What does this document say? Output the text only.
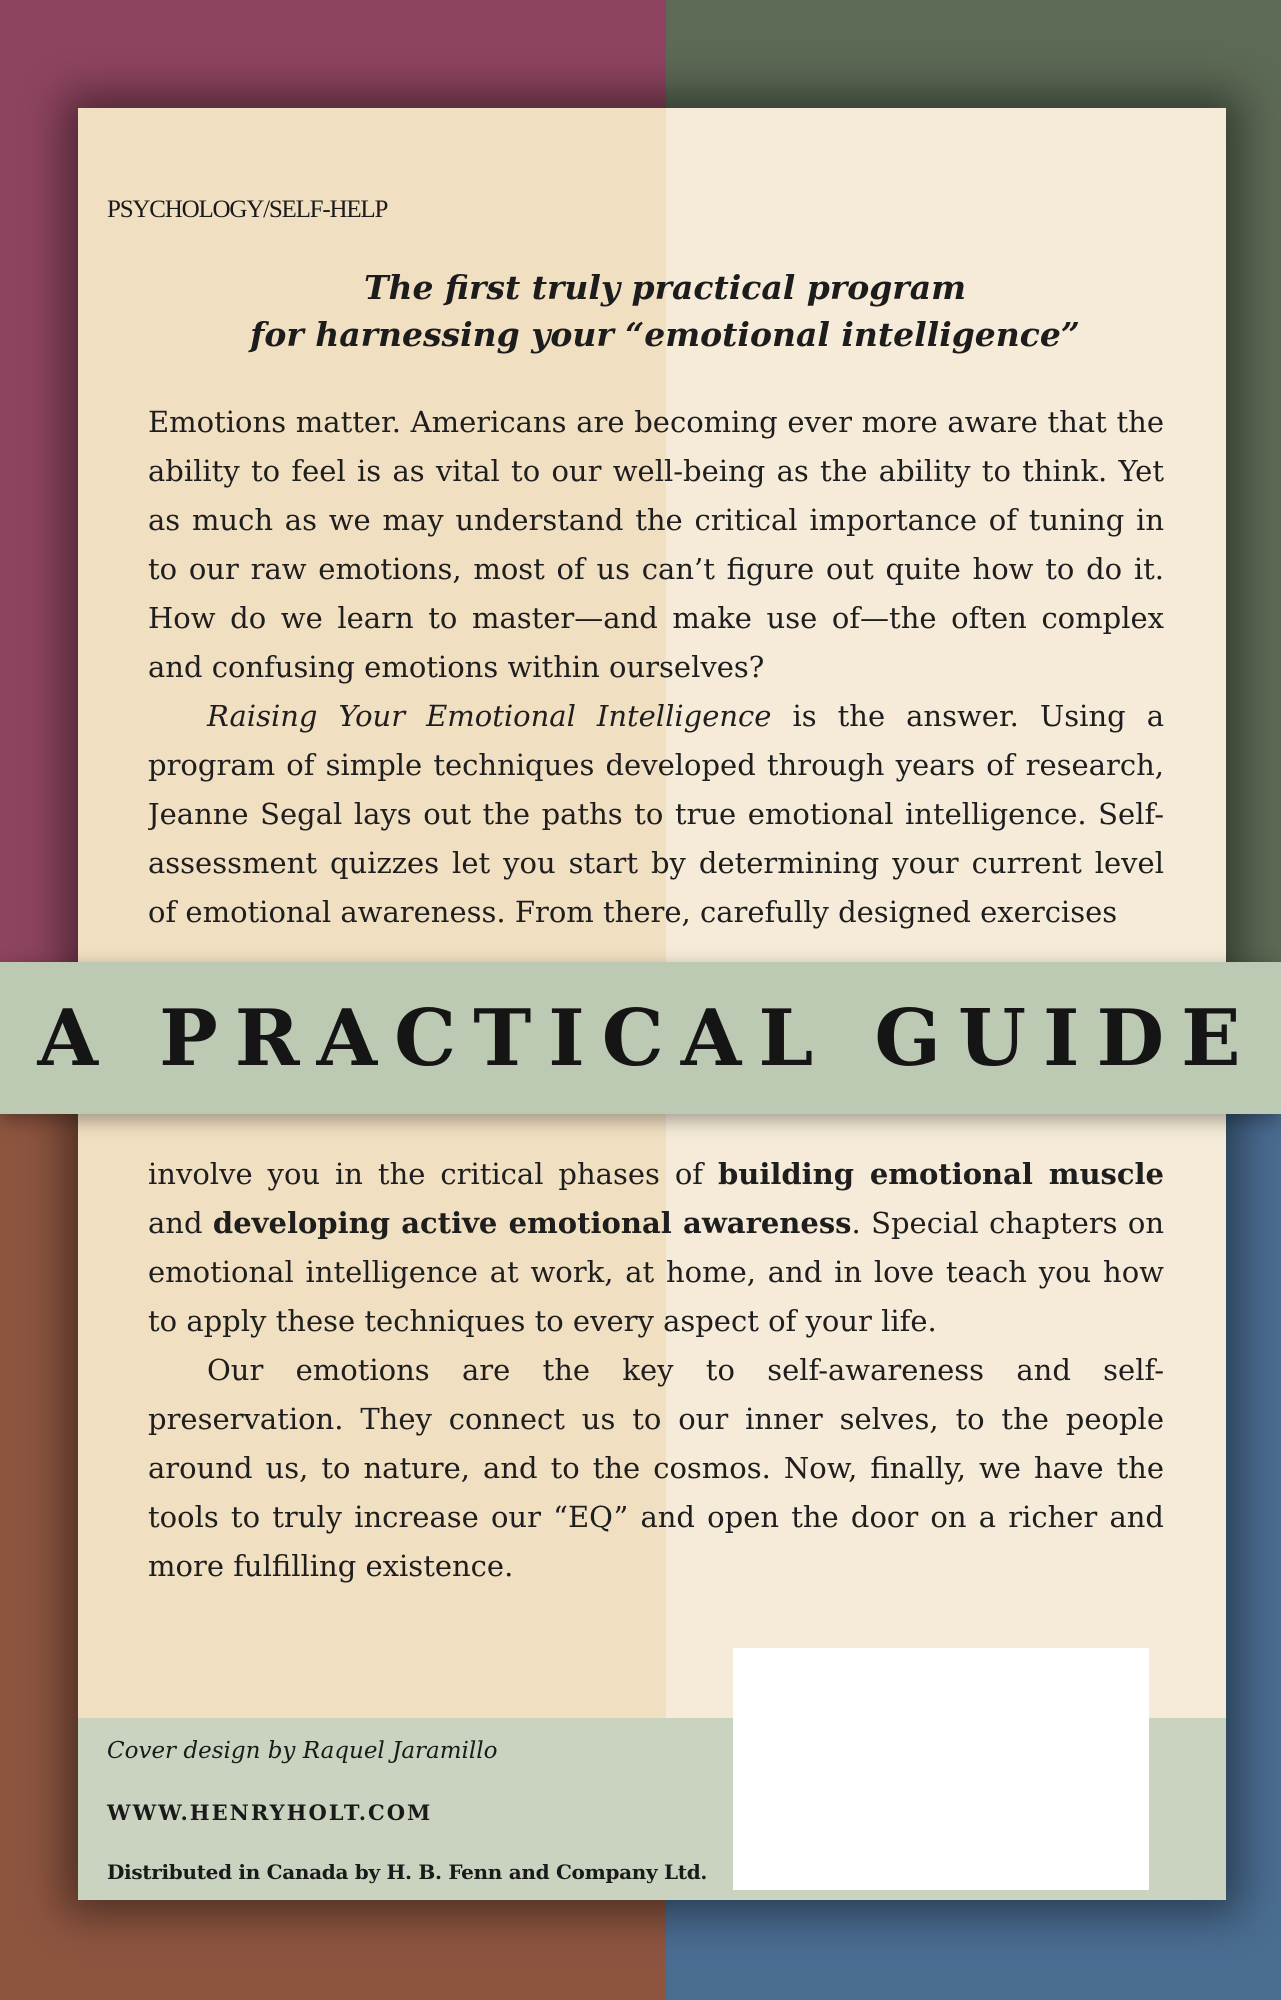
PSYCHOLOGY/SELF-HELP
The first truly practical program
for harnessing your “emotional intelligence”

Emotions matter. Americans are becoming ever more aware that the ability to feel is as vital to our well-being as the ability to think. Yet as much as we may understand the critical importance of tuning in to our raw emotions, most of us can’t figure out quite how to do it. How do we learn to master—and make use of—the often complex and confusing emotions within ourselves?

Raising Your Emotional Intelligence is the answer. Using a program of simple techniques developed through years of research, Jeanne Segal lays out the paths to true emotional intelligence. Self-assessment quizzes let you start by determining your current level of emotional awareness. From there, carefully designed exercises

A PRACTICAL GUIDE

involve you in the critical phases of building emotional muscle and developing active emotional awareness. Special chapters on emotional intelligence at work, at home, and in love teach you how to apply these techniques to every aspect of your life.

Our emotions are the key to self-awareness and self-preservation. They connect us to our inner selves, to the people around us, to nature, and to the cosmos. Now, finally, we have the tools to truly increase our “EQ” and open the door on a richer and more fulfilling existence.

Cover design by Raquel Jaramillo
WWW.HENRYHOLT.COM
Distributed in Canada by H. B. Fenn and Company Ltd.
